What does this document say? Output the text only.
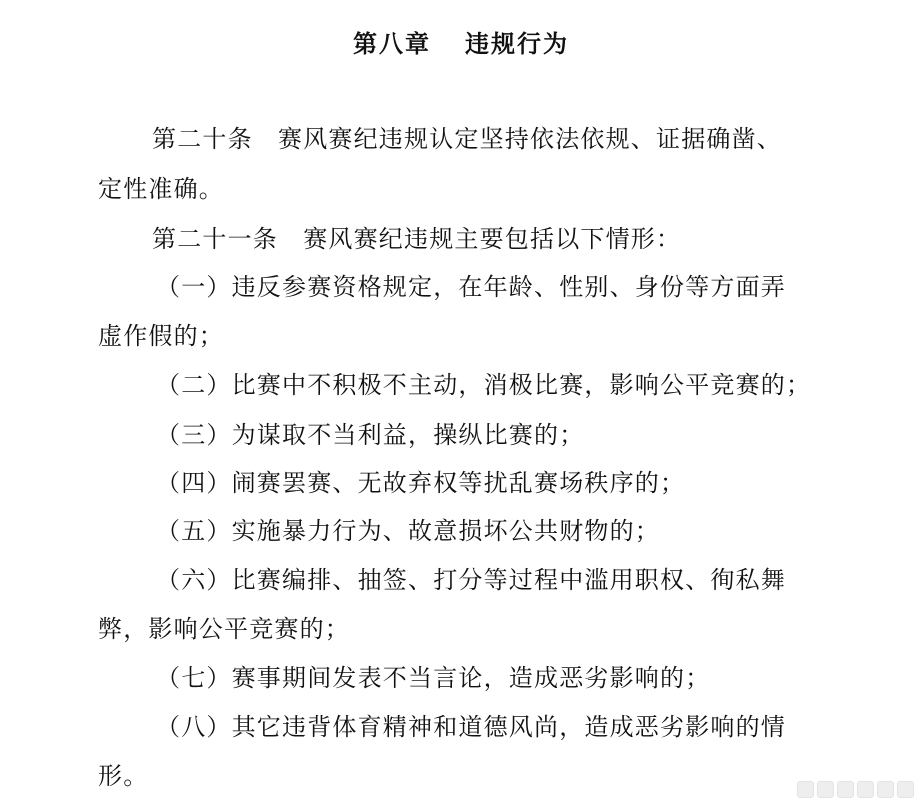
第八章 违规行为
第二十条　赛风赛纪违规认定坚持依法依规、证据确凿、
定性准确。
第二十一条　赛风赛纪违规主要包括以下情形：
（一）违反参赛资格规定，在年龄、性别、身份等方面弄
虚作假的；
（二）比赛中不积极不主动，消极比赛，影响公平竞赛的；
（三）为谋取不当利益，操纵比赛的；
（四）闹赛罢赛、无故弃权等扰乱赛场秩序的；
（五）实施暴力行为、故意损坏公共财物的；
（六）比赛编排、抽签、打分等过程中滥用职权、徇私舞
弊，影响公平竞赛的；
（七）赛事期间发表不当言论，造成恶劣影响的；
（八）其它违背体育精神和道德风尚，造成恶劣影响的情
形。
